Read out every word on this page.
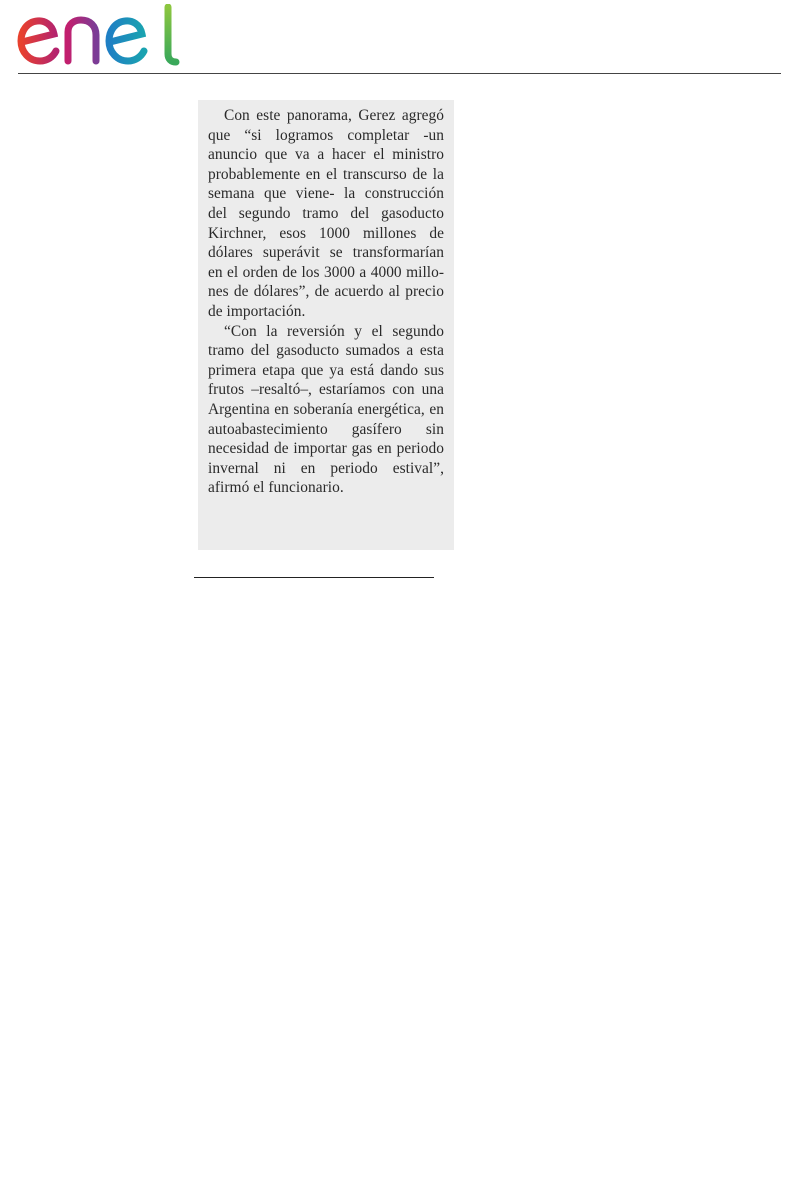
Con este panorama, Gerez agregó que “si logramos completar -un anuncio que va a hacer el ministro probablemente en el transcurso de la semana que viene- la construcción del segundo tramo del gasoducto Kirchner, esos 1000 millones de dólares superávit se transformarían en el orden de los 3000 a 4000 millones de dólares”, de acuerdo al precio de importación.

“Con la reversión y el segundo tramo del gasoducto sumados a esta primera etapa que ya está dando sus frutos –resaltó–, estaríamos con una Argentina en soberanía energética, en autoabastecimiento gasífero sin necesidad de importar gas en periodo invernal ni en periodo estival”, afirmó el funcionario.
